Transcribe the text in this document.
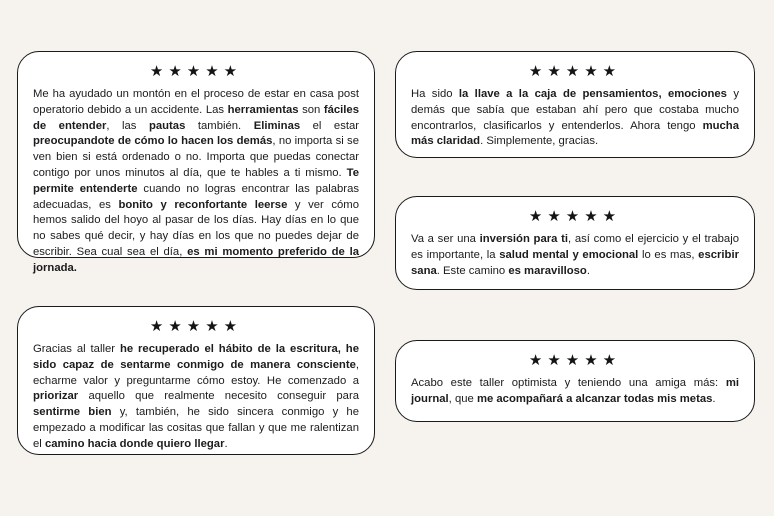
★★★★★

Me ha ayudado un montón en el proceso de estar en casa post operatorio debido a un accidente. Las herramientas son fáciles de entender, las pautas también. Eliminas el estar preocupandote de cómo lo hacen los demás, no importa si se ven bien si está ordenado o no. Importa que puedas conectar contigo por unos minutos al día, que te hables a ti mismo. Te permite entenderte cuando no logras encontrar las palabras adecuadas, es bonito y reconfortante leerse y ver cómo hemos salido del hoyo al pasar de los días. Hay días en lo que no sabes qué decir, y hay días en los que no puedes dejar de escribir. Sea cual sea el día, es mi momento preferido de la jornada.

★★★★★

Ha sido la llave a la caja de pensamientos, emociones y demás que sabía que estaban ahí pero que costaba mucho encontrarlos, clasificarlos y entenderlos. Ahora tengo mucha más claridad. Simplemente, gracias.

★★★★★

Va a ser una inversión para ti, así como el ejercicio y el trabajo es importante, la salud mental y emocional lo es mas, escribir sana. Este camino es maravilloso.

★★★★★

Gracias al taller he recuperado el hábito de la escritura, he sido capaz de sentarme conmigo de manera consciente, echarme valor y preguntarme cómo estoy. He comenzado a priorizar aquello que realmente necesito conseguir para sentirme bien y, también, he sido sincera conmigo y he empezado a modificar las cositas que fallan y que me ralentizan el camino hacia donde quiero llegar.

★★★★★

Acabo este taller optimista y teniendo una amiga más: mi journal, que me acompañará a alcanzar todas mis metas.
